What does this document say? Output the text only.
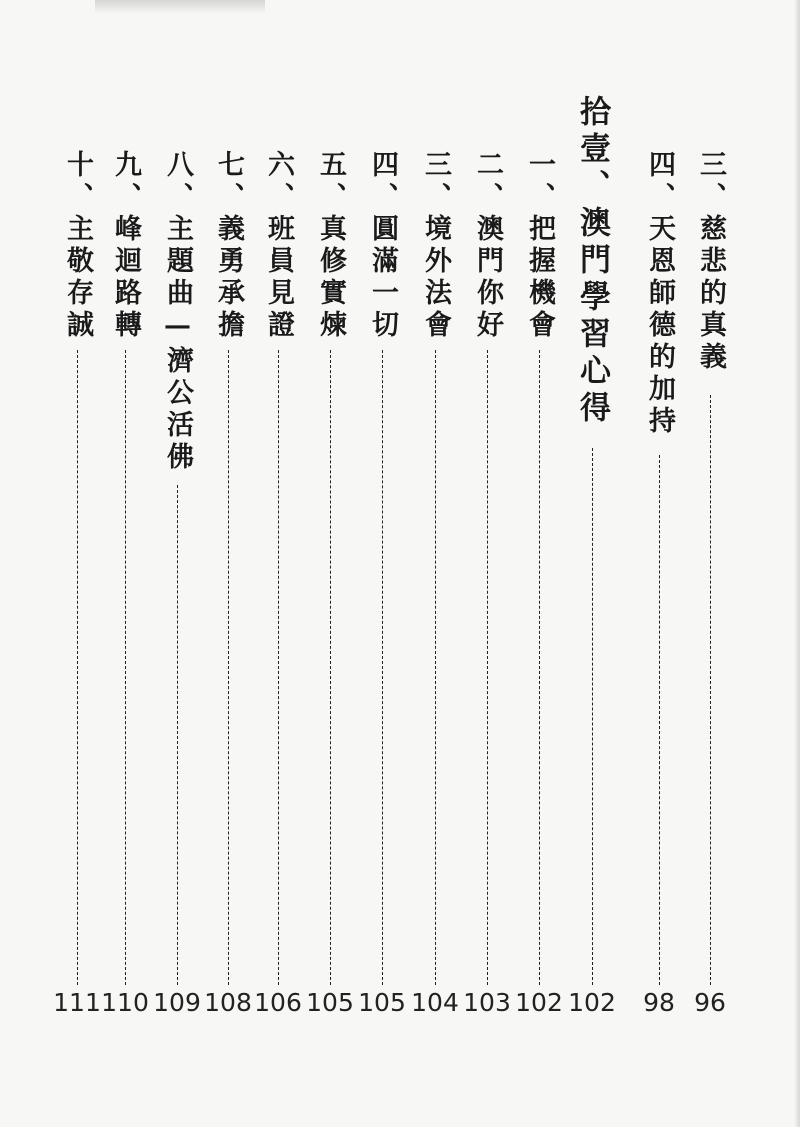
三、慈悲的真義
96
四、天恩師德的加持
98
拾壹、澳門學習心得
102
一、把握機會
102
二、澳門你好
103
三、境外法會
104
四、圓滿一切
105
五、真修實煉
105
六、班員見證
106
七、義勇承擔
108
八、主題曲—濟公活佛
109
九、峰迴路轉
110
十、主敬存誠
111
